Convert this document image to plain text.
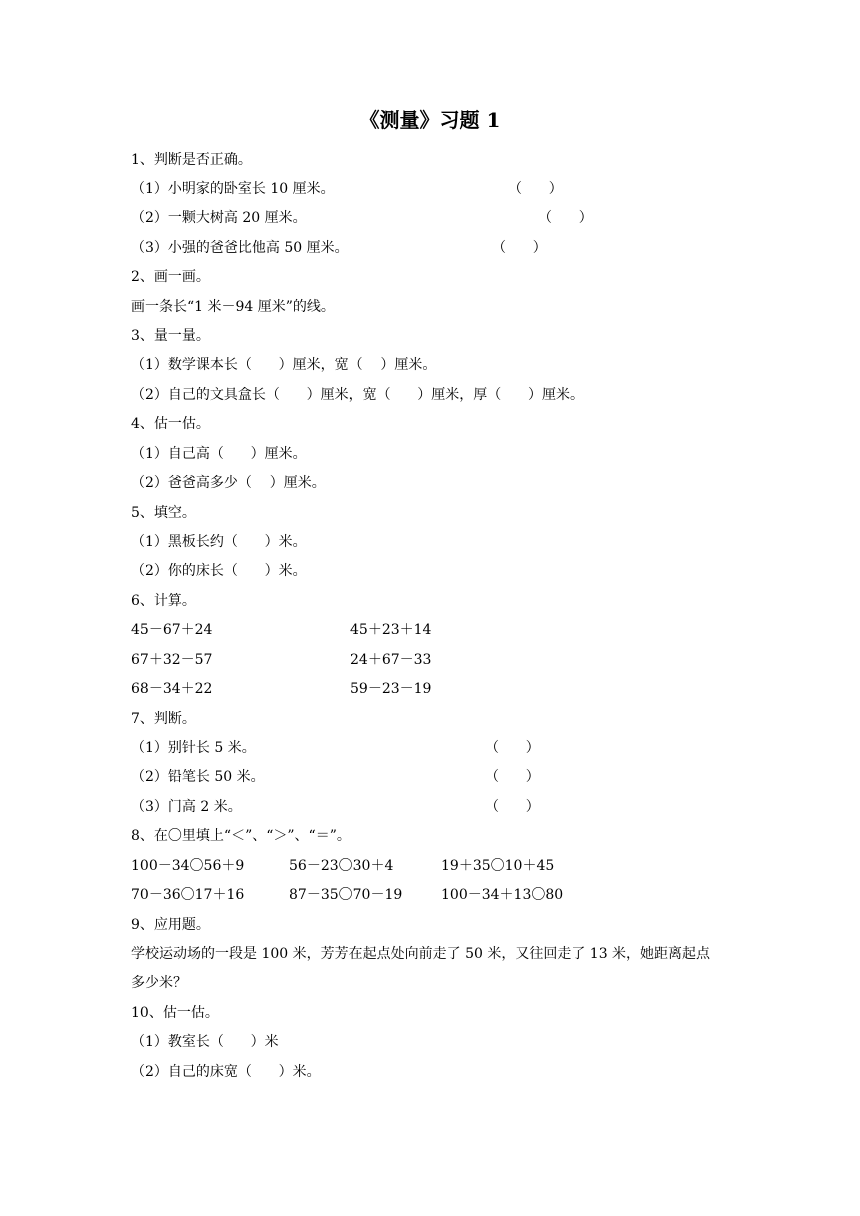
《测量》习题 1
1、判断是否正确。
（1）小明家的卧室长 10 厘米。	（      ）
（2）一颗大树高 20 厘米。	（      ）
（3）小强的爸爸比他高 50 厘米。	（      ）
2、画一画。
画一条长“1 米－94 厘米”的线。
3、量一量。
（1）数学课本长（      ）厘米，宽（    ）厘米。
（2）自己的文具盒长（      ）厘米，宽（      ）厘米，厚（      ）厘米。
4、估一估。
（1）自己高（      ）厘米。
（2）爸爸高多少（    ）厘米。
5、填空。
（1）黑板长约（      ）米。
（2）你的床长（      ）米。
6、计算。
45－67＋24	45＋23＋14
67＋32－57	24＋67－33
68－34＋22	59－23－19
7、判断。
（1）别针长 5 米。	（      ）
（2）铅笔长 50 米。	（      ）
（3）门高 2 米。	（      ）
8、在〇里填上“＜”、“＞”、“＝”。
100－34〇56＋9	56－23〇30＋4	19＋35〇10＋45
70－36〇17＋16	87－35〇70－19	100－34＋13〇80
9、应用题。
学校运动场的一段是 100 米，芳芳在起点处向前走了 50 米，又往回走了 13 米，她距离起点
多少米？
10、估一估。
（1）教室长（      ）米
（2）自己的床宽（      ）米。
